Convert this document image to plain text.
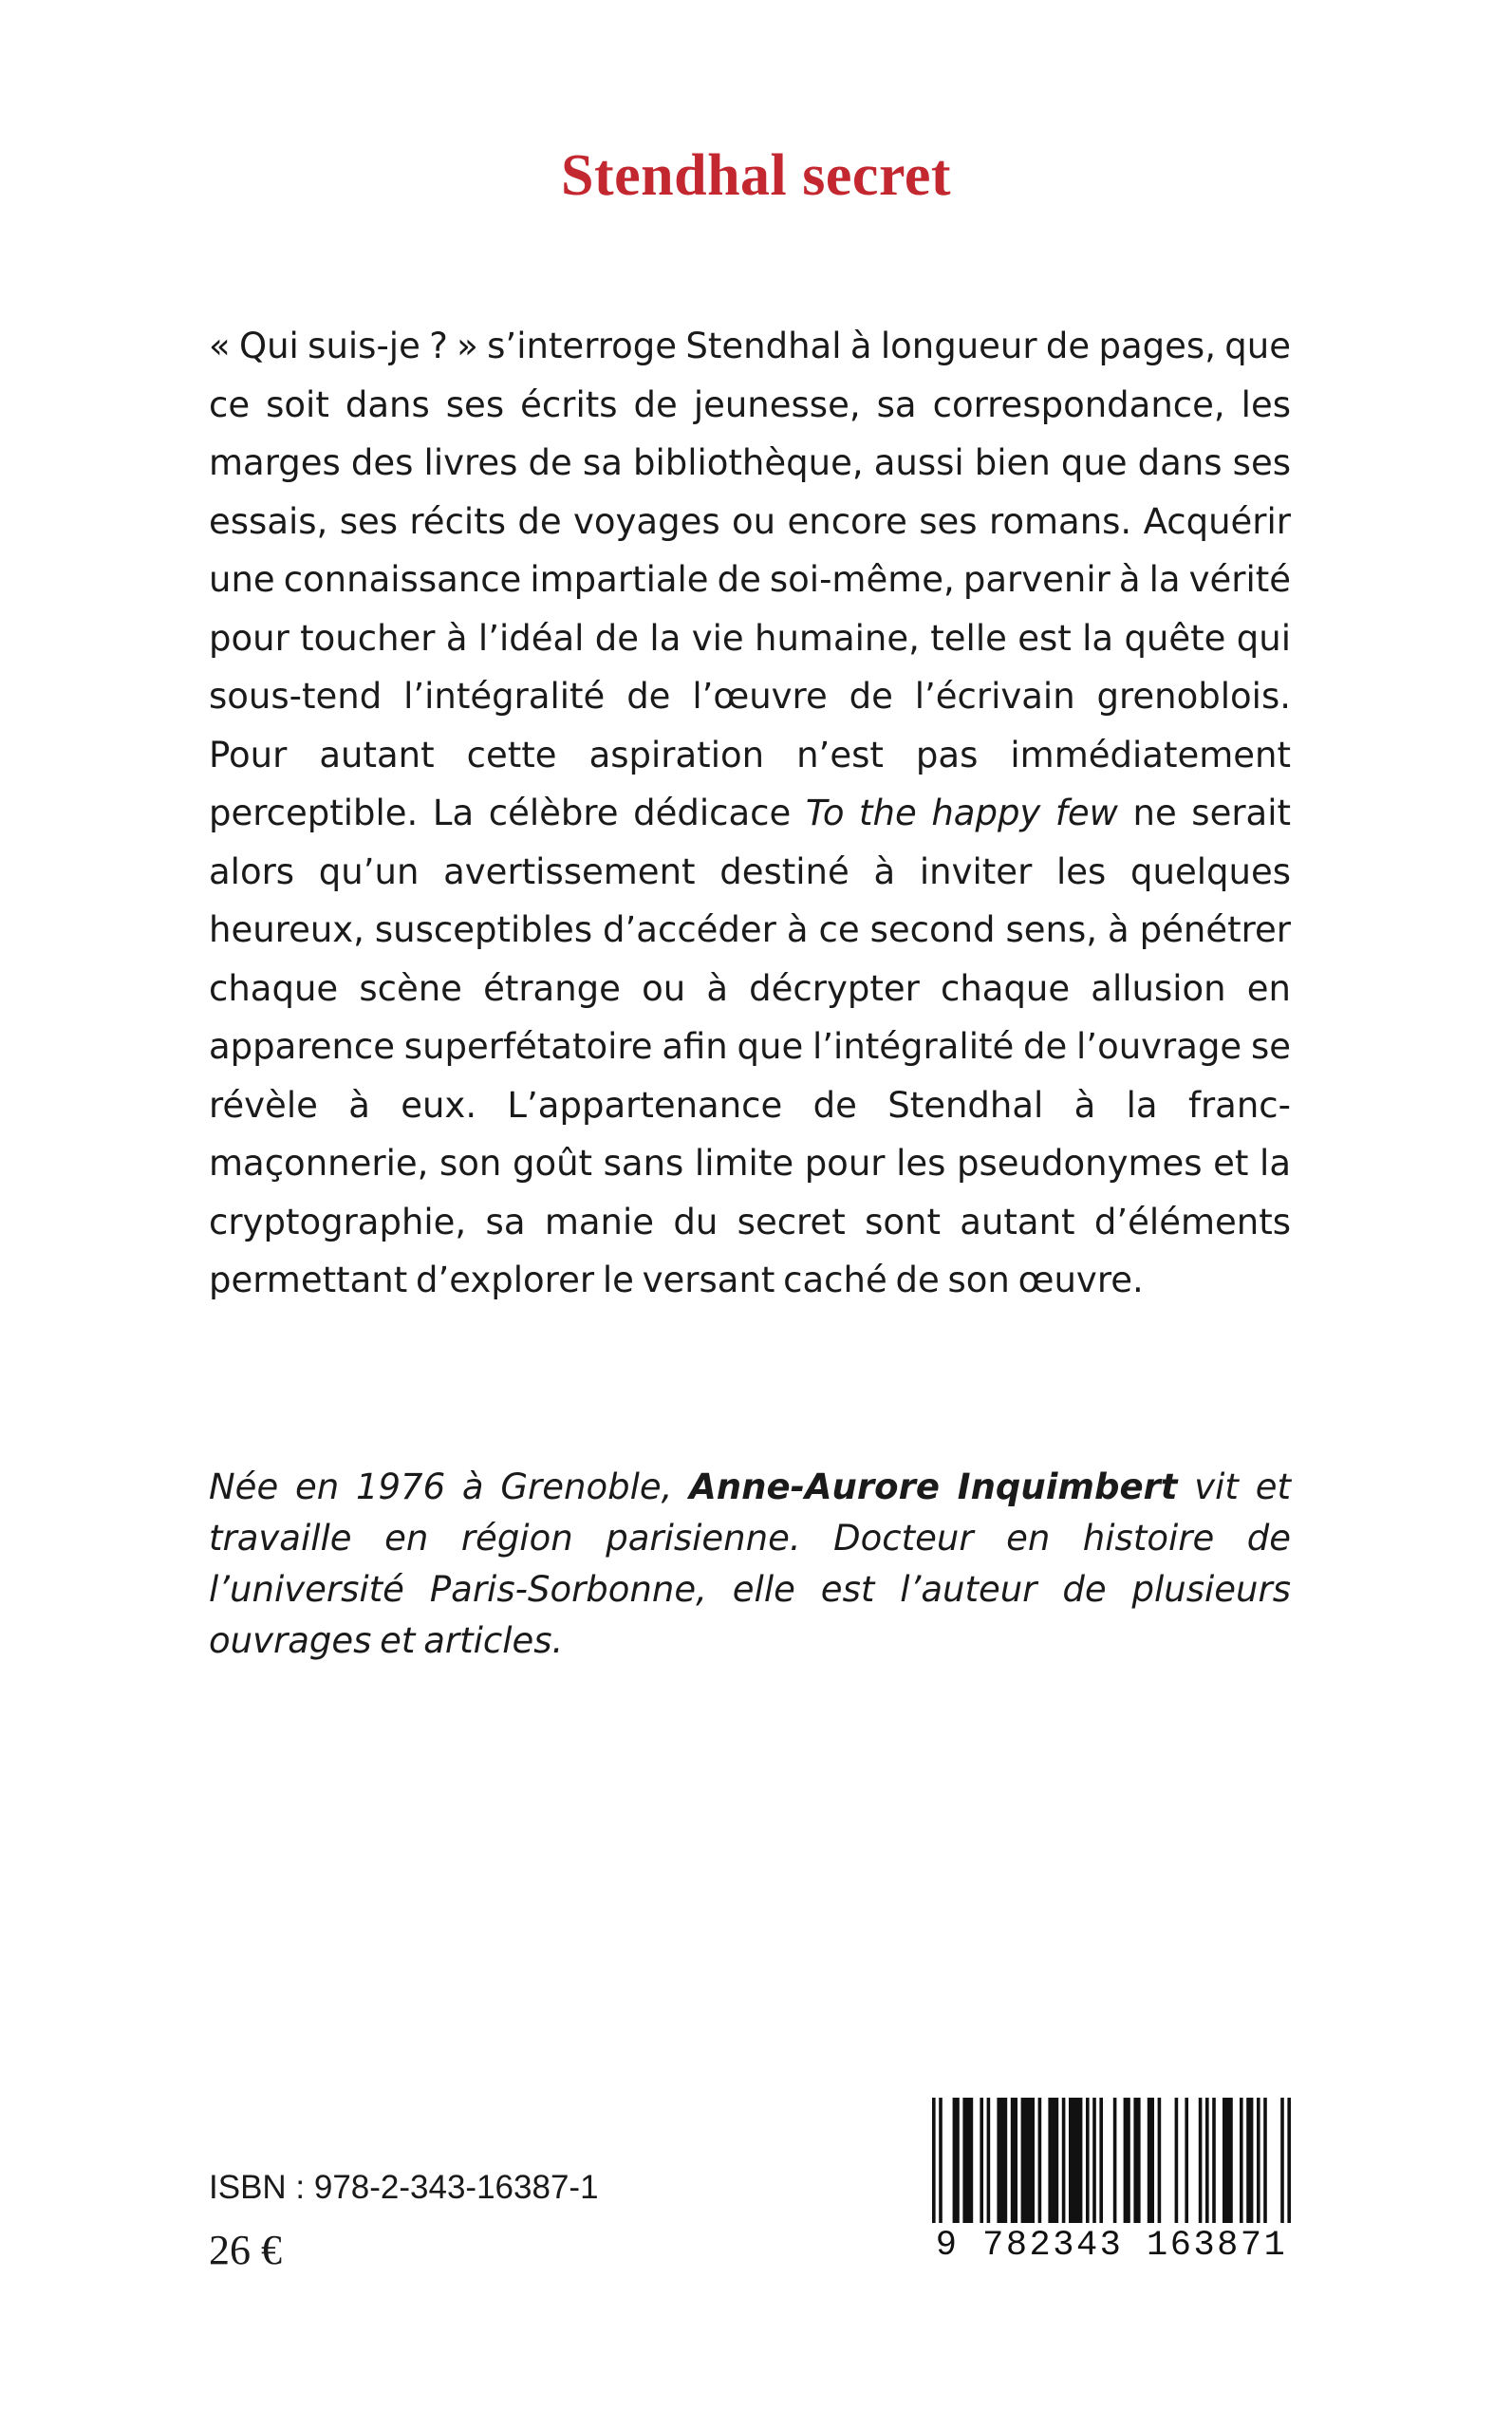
Stendhal secret

« Qui suis-je ? » s’interroge Stendhal à longueur de pages, que ce soit dans ses écrits de jeunesse, sa correspondance, les marges des livres de sa bibliothèque, aussi bien que dans ses essais, ses récits de voyages ou encore ses romans. Acquérir une connaissance impartiale de soi-même, parvenir à la vérité pour toucher à l’idéal de la vie humaine, telle est la quête qui sous-tend l’intégralité de l’œuvre de l’écrivain grenoblois. Pour autant cette aspiration n’est pas immédiatement perceptible. La célèbre dédicace To the happy few ne serait alors qu’un avertissement destiné à inviter les quelques heureux, susceptibles d’accéder à ce second sens, à pénétrer chaque scène étrange ou à décrypter chaque allusion en apparence superfétatoire afin que l’intégralité de l’ouvrage se révèle à eux. L’appartenance de Stendhal à la franc-maçonnerie, son goût sans limite pour les pseudonymes et la cryptographie, sa manie du secret sont autant d’éléments permettant d’explorer le versant caché de son œuvre.

Née en 1976 à Grenoble, Anne-Aurore Inquimbert vit et travaille en région parisienne. Docteur en histoire de l’université Paris-Sorbonne, elle est l’auteur de plusieurs ouvrages et articles.

ISBN : 978-2-343-16387-1
26 €	9 782343 163871
